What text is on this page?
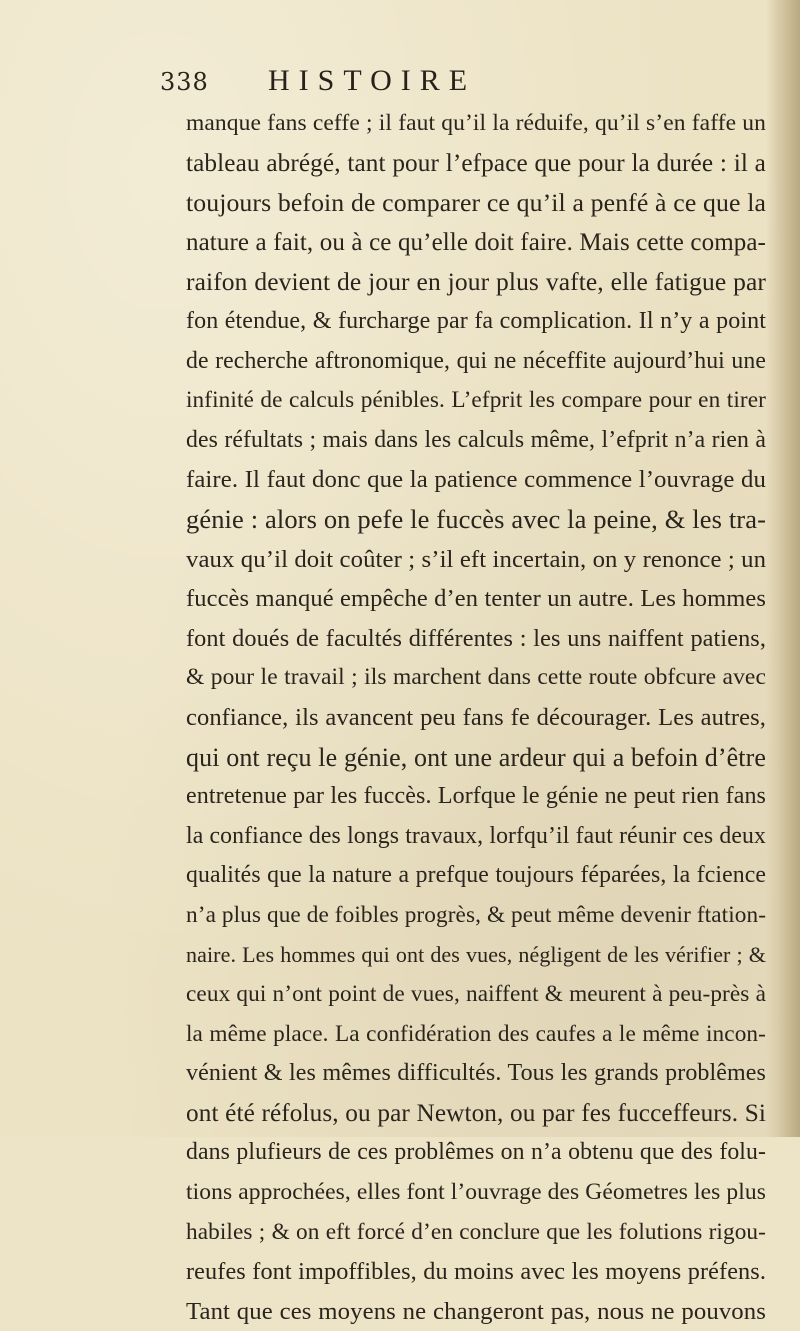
338 HISTOIRE
manque fans ceffe ; il faut qu’il la réduife, qu’il s’en faffe un
tableau abrégé, tant pour l’efpace que pour la durée : il a
toujours befoin de comparer ce qu’il a penfé à ce que la
nature a fait, ou à ce qu’elle doit faire. Mais cette compa-
raifon devient de jour en jour plus vafte, elle fatigue par
fon étendue, & furcharge par fa complication. Il n’y a point
de recherche aftronomique, qui ne néceffite aujourd’hui une
infinité de calculs pénibles. L’efprit les compare pour en tirer
des réfultats ; mais dans les calculs même, l’efprit n’a rien à
faire. Il faut donc que la patience commence l’ouvrage du
génie : alors on pefe le fuccès avec la peine, & les tra-
vaux qu’il doit coûter ; s’il eft incertain, on y renonce ; un
fuccès manqué empêche d’en tenter un autre. Les hommes
font doués de facultés différentes : les uns naiffent patiens,
& pour le travail ; ils marchent dans cette route obfcure avec
confiance, ils avancent peu fans fe décourager. Les autres,
qui ont reçu le génie, ont une ardeur qui a befoin d’être
entretenue par les fuccès. Lorfque le génie ne peut rien fans
la confiance des longs travaux, lorfqu’il faut réunir ces deux
qualités que la nature a prefque toujours féparées, la fcience
n’a plus que de foibles progrès, & peut même devenir ftation-
naire. Les hommes qui ont des vues, négligent de les vérifier ; &
ceux qui n’ont point de vues, naiffent & meurent à peu-près à
la même place. La confidération des caufes a le même incon-
vénient & les mêmes difficultés. Tous les grands problêmes
ont été réfolus, ou par Newton, ou par fes fucceffeurs. Si
dans plufieurs de ces problêmes on n’a obtenu que des folu-
tions approchées, elles font l’ouvrage des Géometres les plus
habiles ; & on eft forcé d’en conclure que les folutions rigou-
reufes font impoffibles, du moins avec les moyens préfens.
Tant que ces moyens ne changeront pas, nous ne pouvons
